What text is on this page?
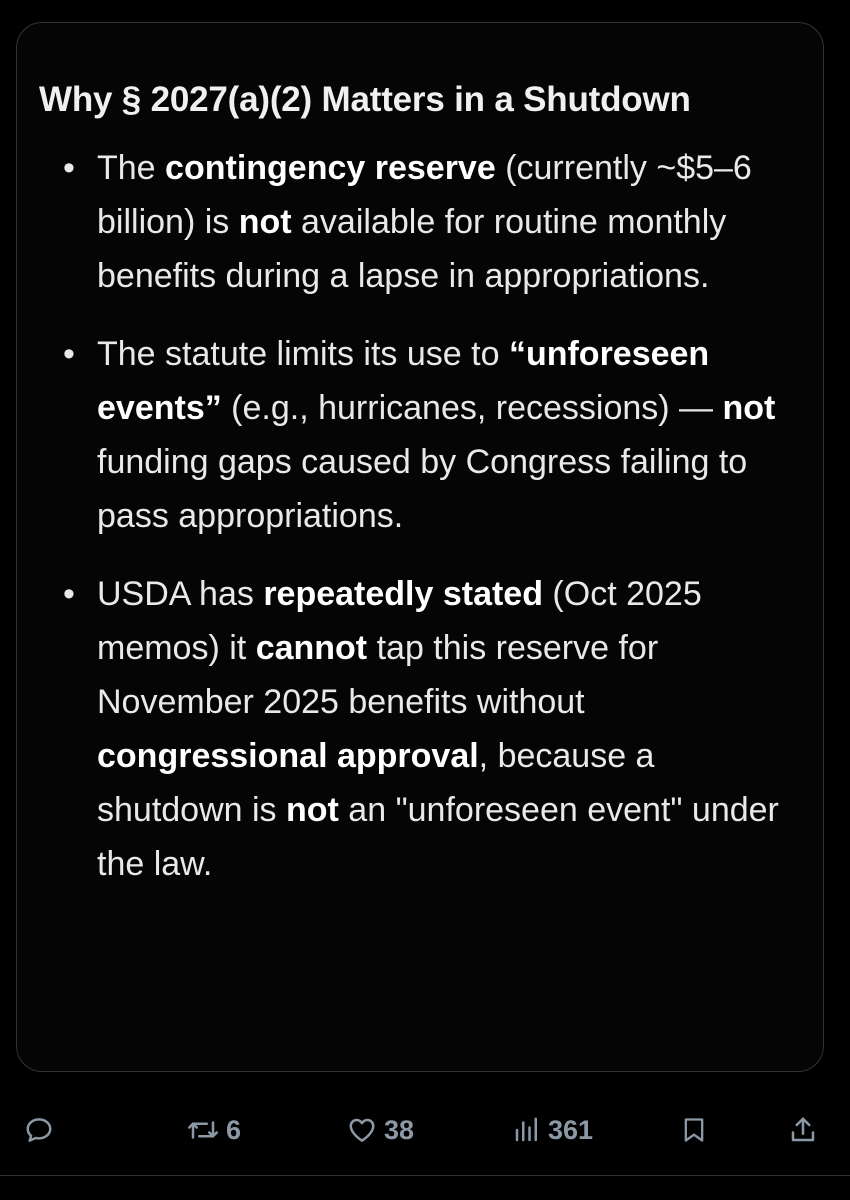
Why § 2027(a)(2) Matters in a Shutdown
• The contingency reserve (currently ~$5–6 billion) is not available for routine monthly benefits during a lapse in appropriations.
• The statute limits its use to “unforeseen events” (e.g., hurricanes, recessions) — not funding gaps caused by Congress failing to pass appropriations.
• USDA has repeatedly stated (Oct 2025 memos) it cannot tap this reserve for November 2025 benefits without congressional approval, because a shutdown is not an "unforeseen event" under the law.
6	38	361
